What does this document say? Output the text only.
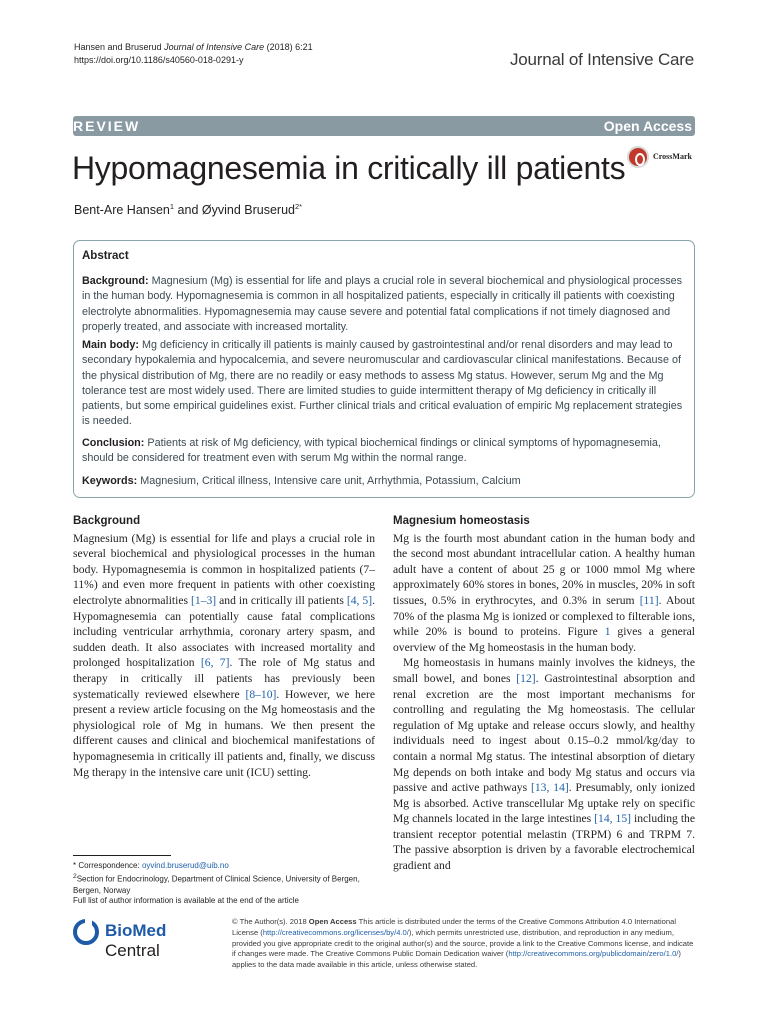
Hansen and Bruserud Journal of Intensive Care (2018) 6:21
https://doi.org/10.1186/s40560-018-0291-y	Journal of Intensive Care
REVIEW	Open Access
Hypomagnesemia in critically ill patients	CrossMark
Bent-Are Hansen$^1$ and Øyvind Bruserud$^{2*}$
Abstract
Background: Magnesium (Mg) is essential for life and plays a crucial role in several biochemical and physiological processes in the human body. Hypomagnesemia is common in all hospitalized patients, especially in critically ill patients with coexisting electrolyte abnormalities. Hypomagnesemia may cause severe and potential fatal complications if not timely diagnosed and properly treated, and associate with increased mortality.
Main body: Mg deficiency in critically ill patients is mainly caused by gastrointestinal and/or renal disorders and may lead to secondary hypokalemia and hypocalcemia, and severe neuromuscular and cardiovascular clinical manifestations. Because of the physical distribution of Mg, there are no readily or easy methods to assess Mg status. However, serum Mg and the Mg tolerance test are most widely used. There are limited studies to guide intermittent therapy of Mg deficiency in critically ill patients, but some empirical guidelines exist. Further clinical trials and critical evaluation of empiric Mg replacement strategies is needed.
Conclusion: Patients at risk of Mg deficiency, with typical biochemical findings or clinical symptoms of hypomagnesemia, should be considered for treatment even with serum Mg within the normal range.
Keywords: Magnesium, Critical illness, Intensive care unit, Arrhythmia, Potassium, Calcium
Background
Magnesium (Mg) is essential for life and plays a crucial role in several biochemical and physiological processes in the human body. Hypomagnesemia is common in hospitalized patients (7–11%) and even more frequent in patients with other coexisting electrolyte abnormalities [1–3] and in critically ill patients [4, 5]. Hypomagnesemia can potentially cause fatal complications including ventricular arrhythmia, coronary artery spasm, and sudden death. It also associates with increased mortality and prolonged hospitalization [6, 7]. The role of Mg status and therapy in critically ill patients has previously been systematically reviewed elsewhere [8–10]. However, we here present a review article focusing on the Mg homeostasis and the physiological role of Mg in humans. We then present the different causes and clinical and biochemical manifestations of hypomagnesemia in critically ill patients and, finally, we discuss Mg therapy in the intensive care unit (ICU) setting.
Magnesium homeostasis
Mg is the fourth most abundant cation in the human body and the second most abundant intracellular cation. A healthy human adult have a content of about 25 g or 1000 mmol Mg where approximately 60% stores in bones, 20% in muscles, 20% in soft tissues, 0.5% in erythrocytes, and 0.3% in serum [11]. About 70% of the plasma Mg is ionized or complexed to filterable ions, while 20% is bound to proteins. Figure 1 gives a general overview of the Mg homeostasis in the human body.
Mg homeostasis in humans mainly involves the kidneys, the small bowel, and bones [12]. Gastrointestinal absorption and renal excretion are the most important mechanisms for controlling and regulating the Mg homeostasis. The cellular regulation of Mg uptake and release occurs slowly, and healthy individuals need to ingest about 0.15–0.2 mmol/kg/day to contain a normal Mg status. The intestinal absorption of dietary Mg depends on both intake and body Mg status and occurs via passive and active pathways [13, 14]. Presumably, only ionized Mg is absorbed. Active transcellular Mg uptake rely on specific Mg channels located in the large intestines [14, 15] including the transient receptor potential melastin (TRPM) 6 and TRPM 7. The passive absorption is driven by a favorable electrochemical gradient and
* Correspondence: oyvind.bruserud@uib.no
$^2$Section for Endocrinology, Department of Clinical Science, University of Bergen, Bergen, Norway
Full list of author information is available at the end of the article
BioMed Central
© The Author(s). 2018 Open Access This article is distributed under the terms of the Creative Commons Attribution 4.0 International License (http://creativecommons.org/licenses/by/4.0/), which permits unrestricted use, distribution, and reproduction in any medium, provided you give appropriate credit to the original author(s) and the source, provide a link to the Creative Commons license, and indicate if changes were made. The Creative Commons Public Domain Dedication waiver (http://creativecommons.org/publicdomain/zero/1.0/) applies to the data made available in this article, unless otherwise stated.
